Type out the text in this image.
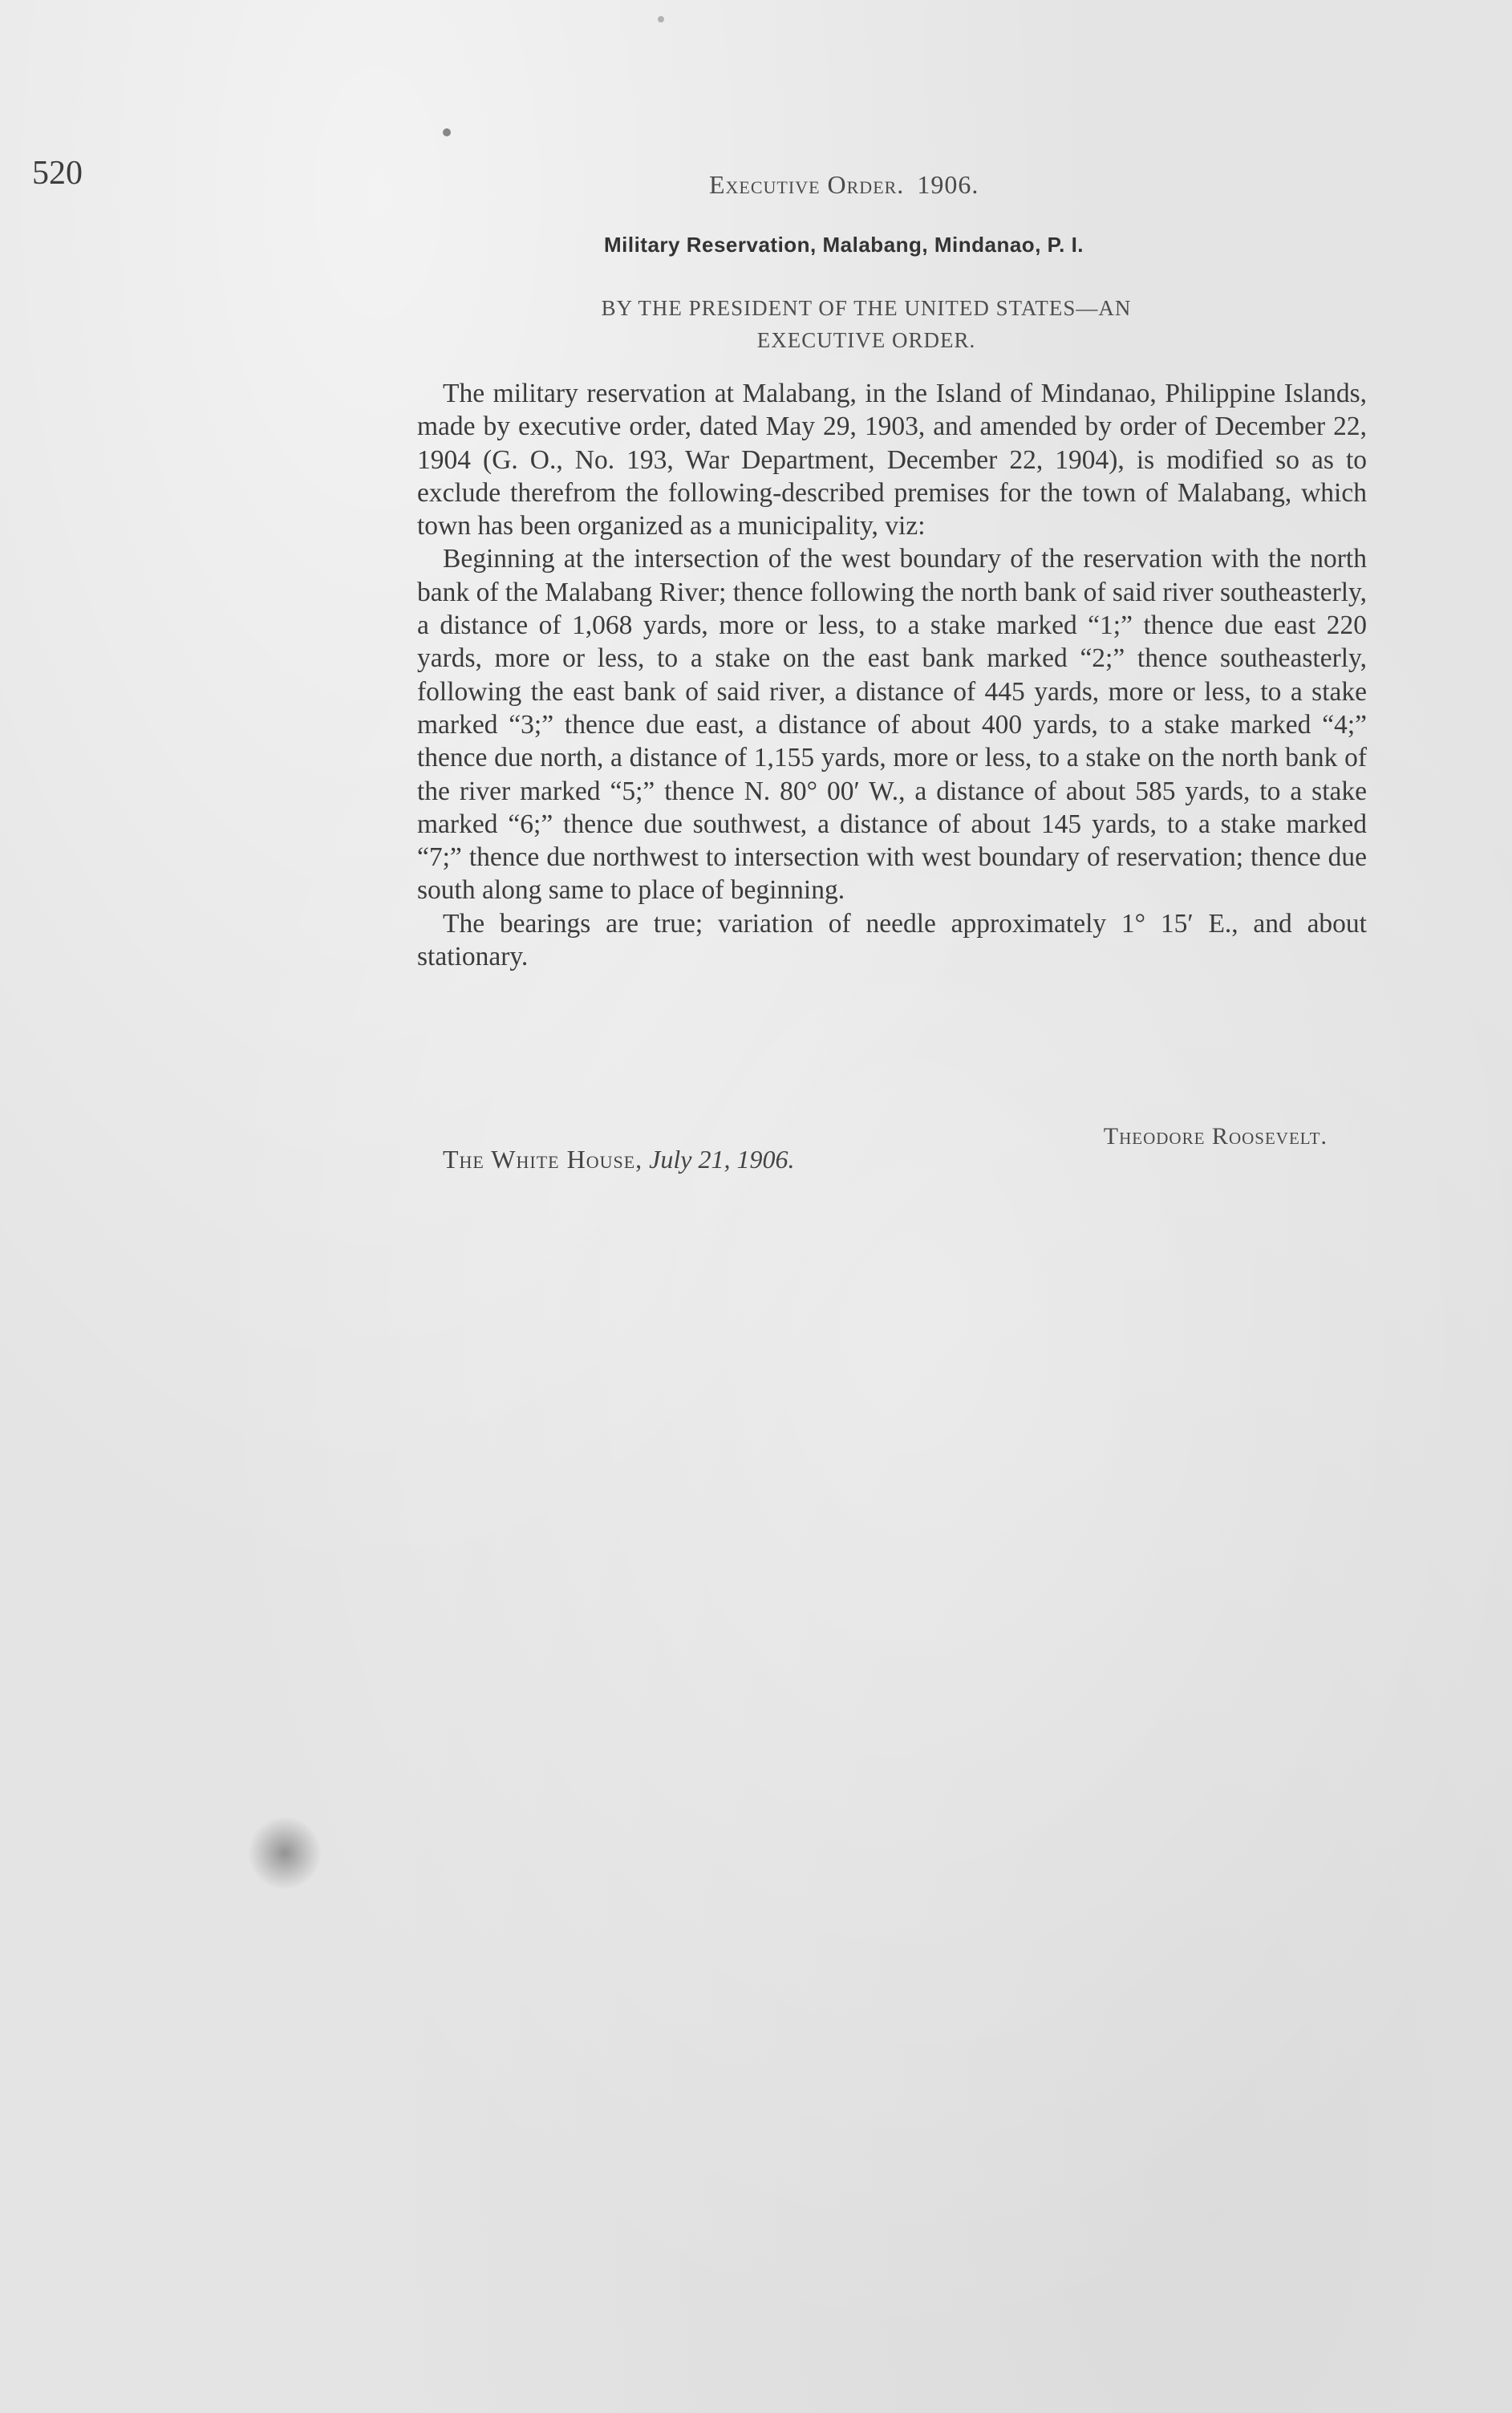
520	Executive Order. 1906.
Military Reservation, Malabang, Mindanao, P. I.
BY THE PRESIDENT OF THE UNITED STATES—AN
EXECUTIVE ORDER.

The military reservation at Malabang, in the Island of Mindanao, Philippine Islands, made by executive order, dated May 29, 1903, and amended by order of December 22, 1904 (G. O., No. 193, War Department, December 22, 1904), is modified so as to exclude therefrom the following-described premises for the town of Malabang, which town has been organized as a municipality, viz:

Beginning at the intersection of the west boundary of the reservation with the north bank of the Malabang River; thence following the north bank of said river southeasterly, a distance of 1,068 yards, more or less, to a stake marked “1;” thence due east 220 yards, more or less, to a stake on the east bank marked “2;” thence southeasterly, following the east bank of said river, a distance of 445 yards, more or less, to a stake marked “3;” thence due east, a distance of about 400 yards, to a stake marked “4;” thence due north, a distance of 1,155 yards, more or less, to a stake on the north bank of the river marked “5;” thence N. 80° 00′ W., a distance of about 585 yards, to a stake marked “6;” thence due southwest, a distance of about 145 yards, to a stake marked “7;” thence due northwest to intersection with west boundary of reservation; thence due south along same to place of beginning.

The bearings are true; variation of needle approximately 1° 15′ E., and about stationary.

Theodore Roosevelt.
The White House, July 21, 1906.
